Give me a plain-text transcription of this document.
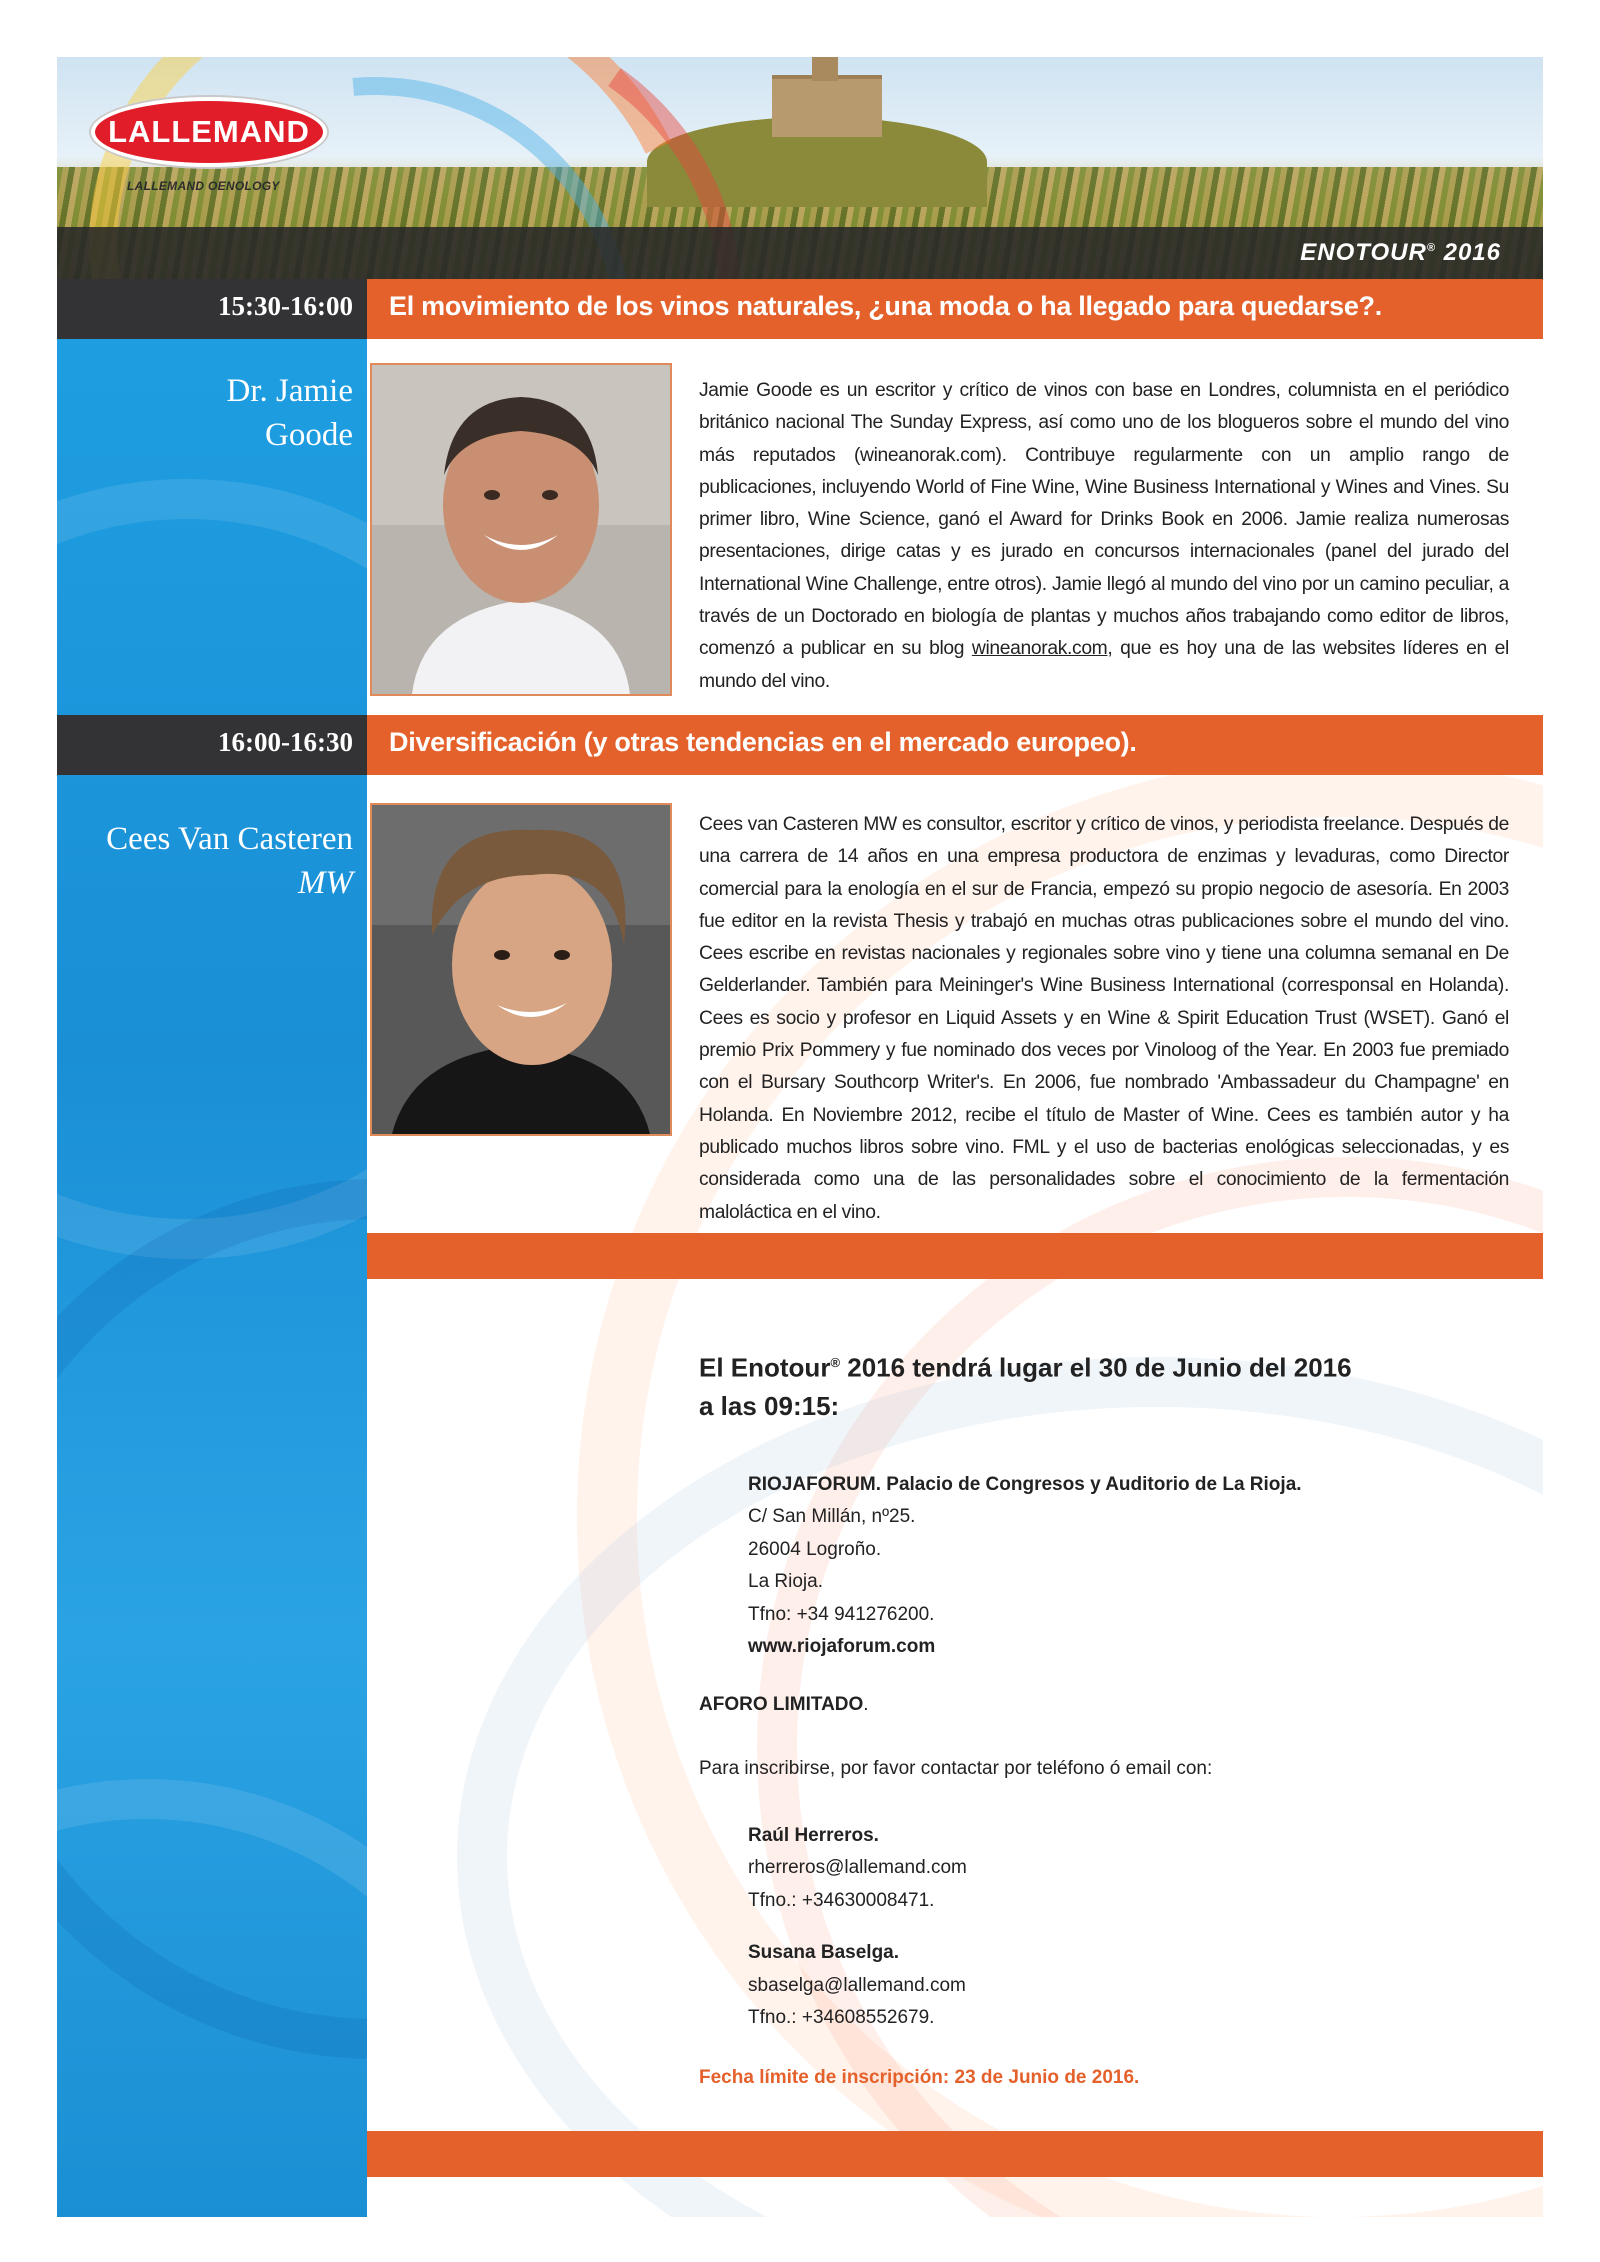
LALLEMAND
LALLEMAND OENOLOGY
ENOTOUR® 2016
15:30-16:00 El movimiento de los vinos naturales, ¿una moda o ha llegado para quedarse?.
Dr. Jamie
Goode
Jamie Goode es un escritor y crítico de vinos con base en Londres, columnista en el periódico británico nacional The Sunday Express, así como uno de los blogueros sobre el mundo del vino más reputados (wineanorak.com). Contribuye regularmente con un amplio rango de publicaciones, incluyendo World of Fine Wine, Wine Business International y Wines and Vines. Su primer libro, Wine Science, ganó el Award for Drinks Book en 2006. Jamie realiza numerosas presentaciones, dirige catas y es jurado en concursos internacionales (panel del jurado del International Wine Challenge, entre otros). Jamie llegó al mundo del vino por un camino peculiar, a través de un Doctorado en biología de plantas y muchos años trabajando como editor de libros, comenzó a publicar en su blog wineanorak.com, que es hoy una de las websites líderes en el mundo del vino.
16:00-16:30 Diversificación (y otras tendencias en el mercado europeo).
Cees Van Casteren
MW
Cees van Casteren MW es consultor, escritor y crítico de vinos, y periodista freelance. Después de una carrera de 14 años en una empresa productora de enzimas y levaduras, como Director comercial para la enología en el sur de Francia, empezó su propio negocio de asesoría. En 2003 fue editor en la revista Thesis y trabajó en muchas otras publicaciones sobre el mundo del vino. Cees escribe en revistas nacionales y regionales sobre vino y tiene una columna semanal en De Gelderlander. También para Meininger's Wine Business International (corresponsal en Holanda). Cees es socio y profesor en Liquid Assets y en Wine & Spirit Education Trust (WSET). Ganó el premio Prix Pommery y fue nominado dos veces por Vinoloog of the Year. En 2003 fue premiado con el Bursary Southcorp Writer's. En 2006, fue nombrado 'Ambassadeur du Champagne' en Holanda. En Noviembre 2012, recibe el título de Master of Wine. Cees es también autor y ha publicado muchos libros sobre vino. FML y el uso de bacterias enológicas seleccionadas, y es considerada como una de las personalidades sobre el conocimiento de la fermentación maloláctica en el vino.
El Enotour® 2016 tendrá lugar el 30 de Junio del 2016
a las 09:15:
RIOJAFORUM. Palacio de Congresos y Auditorio de La Rioja.
C/ San Millán, nº25.
26004 Logroño.
La Rioja.
Tfno: +34 941276200.
www.riojaforum.com
AFORO LIMITADO.
Para inscribirse, por favor contactar por teléfono ó email con:
Raúl Herreros.
rherreros@lallemand.com
Tfno.: +34630008471.
Susana Baselga.
sbaselga@lallemand.com
Tfno.: +34608552679.
Fecha límite de inscripción: 23 de Junio de 2016.
